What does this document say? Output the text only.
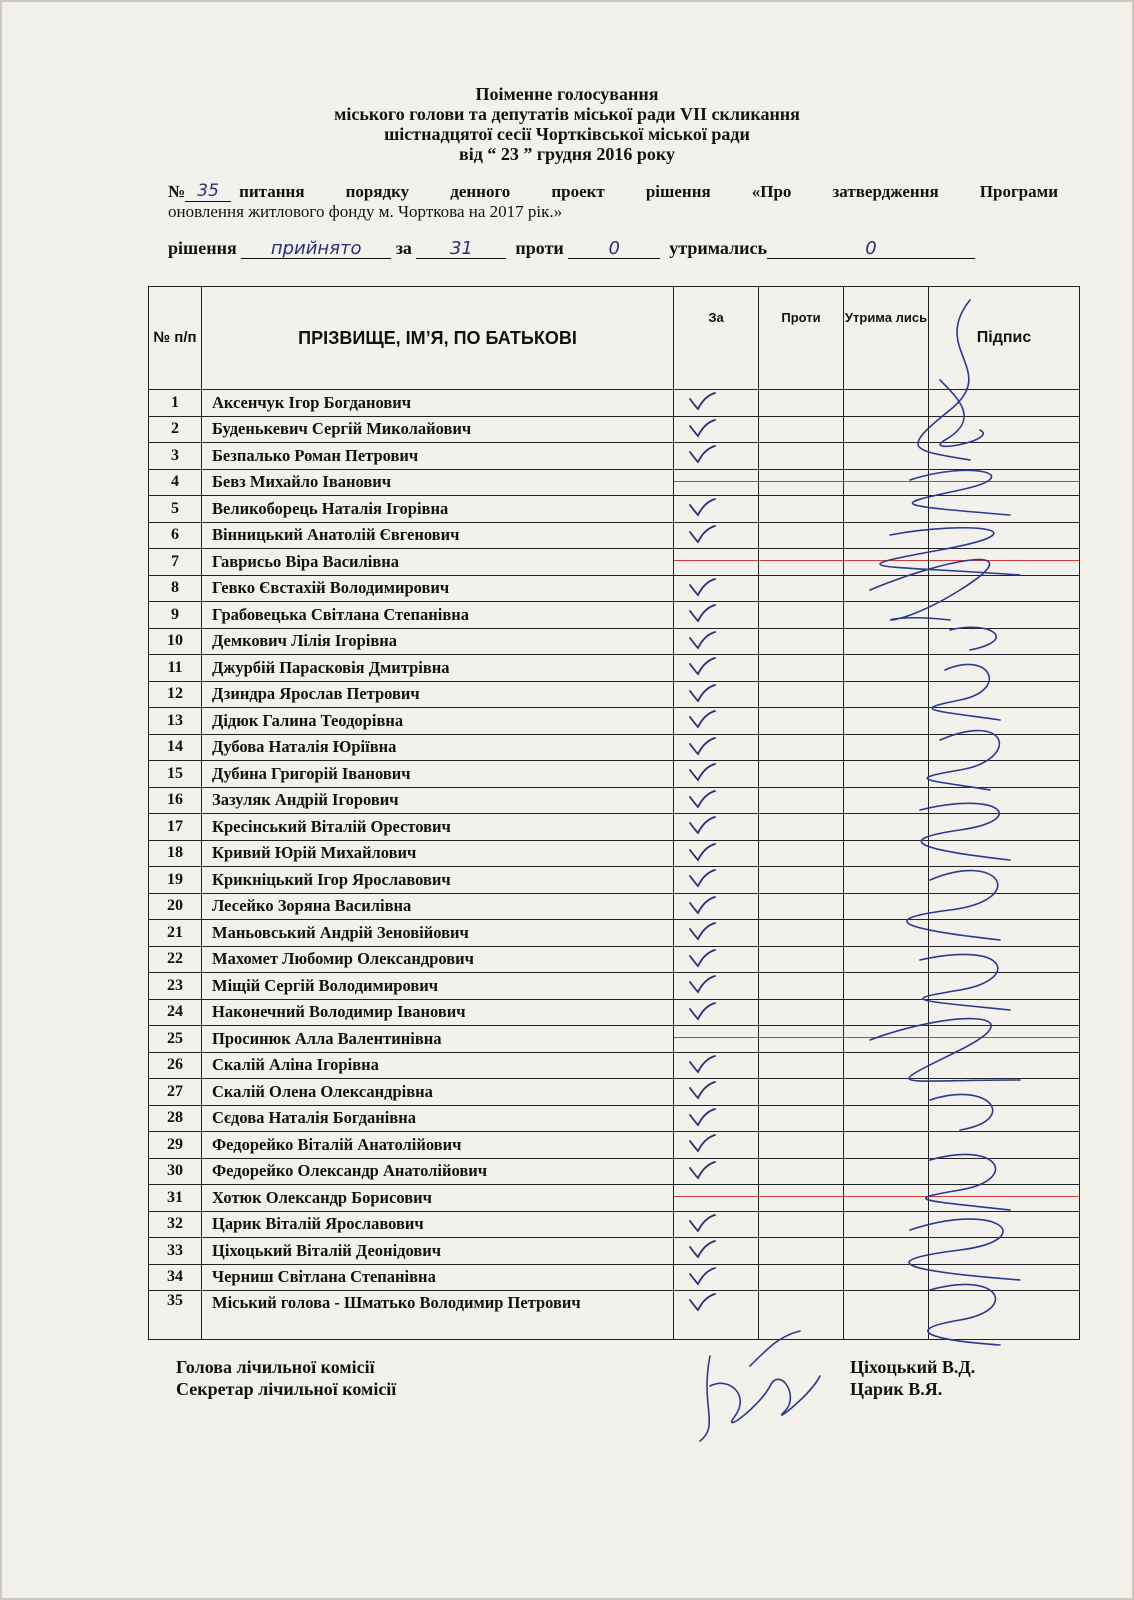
Поіменне голосування
міського голови та депутатів міської ради VII скликання
шістнадцятої сесії Чортківської міської ради
від “ 23 ” грудня 2016 року
№ 35	питання порядку денного проект рішення «Про затвердження Програми
оновлення житлового фонду м. Чорткова на 2017 рік.»
рішення прийнято за 31 проти 0	утримались	0
№ п/п	ПРІЗВИЩЕ, ІМ’Я, ПО БАТЬКОВІ	За	Проти	Утрима лись	Підпис
1	Аксенчук Ігор Богданович	

2	Буденькевич Сергій Миколайович	

3	Безпалько Роман Петрович	

4	Бевз Михайло Іванович				
5	Великоборець Наталія Ігорівна	

6	Вінницький Анатолій Євгенович	

7	Гаврисьо Віра Василівна				
8	Гевко Євстахій Володимирович	

9	Грабовецька Світлана Степанівна	

10	Демкович Лілія Ігорівна	

11	Джурбій Парасковія Дмитрівна	

12	Дзиндра Ярослав Петрович	

13	Дідюк Галина Теодорівна	

14	Дубова Наталія Юріївна	

15	Дубина Григорій Іванович	

16	Зазуляк Андрій Ігорович	

17	Кресінський Віталій Орестович	

18	Кривий Юрій Михайлович	

19	Крикніцький Ігор Ярославович	

20	Лесейко Зоряна Василівна	

21	Маньовський Андрій Зеновійович	

22	Махомет Любомир Олександрович	

23	Міщій Сергій Володимирович	

24	Наконечний Володимир Іванович	

25	Просинюк Алла Валентинівна				
26	Скалій Аліна Ігорівна	

27	Скалій Олена Олександрівна	

28	Сєдова Наталія Богданівна	

29	Федорейко Віталій Анатолійович	

30	Федорейко Олександр Анатолійович	

31	Хотюк Олександр Борисович				
32	Царик Віталій Ярославович	

33	Ціхоцький Віталій Деонідович	

34	Черниш Світлана Степанівна	

35	Міський голова - Шматько Володимир Петрович	

Голова лічильної комісії
Секретар лічильної комісії
Ціхоцький В.Д.
Царик В.Я.
